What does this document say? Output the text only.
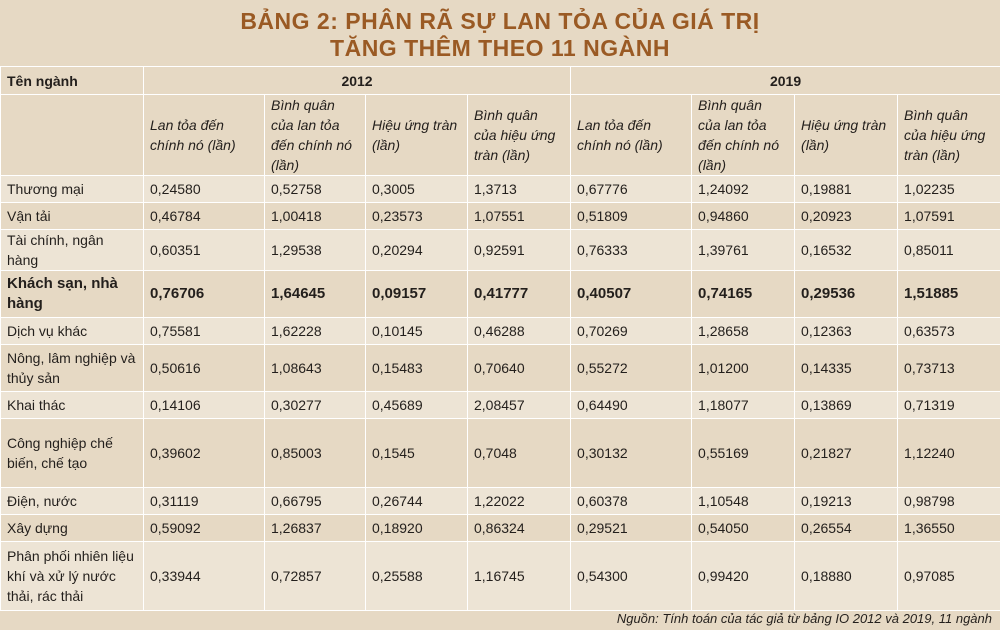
BẢNG 2: PHÂN RÃ SỰ LAN TỎA CỦA GIÁ TRỊ
TĂNG THÊM THEO 11 NGÀNH
Tên ngành	2012				2019			
	Lan tỏa đến chính nó (lần)	Bình quân của lan tỏa đến chính nó (lần)	Hiệu ứng tràn (lần)	Bình quân của hiệu ứng tràn (lần)	Lan tỏa đến chính nó (lần)	Bình quân của lan tỏa đến chính nó (lần)	Hiệu ứng tràn (lần)	Bình quân của hiệu ứng tràn (lần)
Thương mại	0,24580	0,52758	0,3005	1,3713	0,67776	1,24092	0,19881	1,02235
Vận tải	0,46784	1,00418	0,23573	1,07551	0,51809	0,94860	0,20923	1,07591
Tài chính, ngân hàng	0,60351	1,29538	0,20294	0,92591	0,76333	1,39761	0,16532	0,85011
Khách sạn, nhà hàng	0,76706	1,64645	0,09157	0,41777	0,40507	0,74165	0,29536	1,51885
Dịch vụ khác	0,75581	1,62228	0,10145	0,46288	0,70269	1,28658	0,12363	0,63573
Nông, lâm nghiệp và thủy sản	0,50616	1,08643	0,15483	0,70640	0,55272	1,01200	0,14335	0,73713
Khai thác	0,14106	0,30277	0,45689	2,08457	0,64490	1,18077	0,13869	0,71319
Công nghiệp chế biến, chế tạo	0,39602	0,85003	0,1545	0,7048	0,30132	0,55169	0,21827	1,12240
Điện, nước	0,31119	0,66795	0,26744	1,22022	0,60378	1,10548	0,19213	0,98798
Xây dựng	0,59092	1,26837	0,18920	0,86324	0,29521	0,54050	0,26554	1,36550
Phân phối nhiên liệu khí và xử lý nước thải, rác thải	0,33944	0,72857	0,25588	1,16745	0,54300	0,99420	0,18880	0,97085
Nguồn: Tính toán của tác giả từ bảng IO 2012 và 2019, 11 ngành
